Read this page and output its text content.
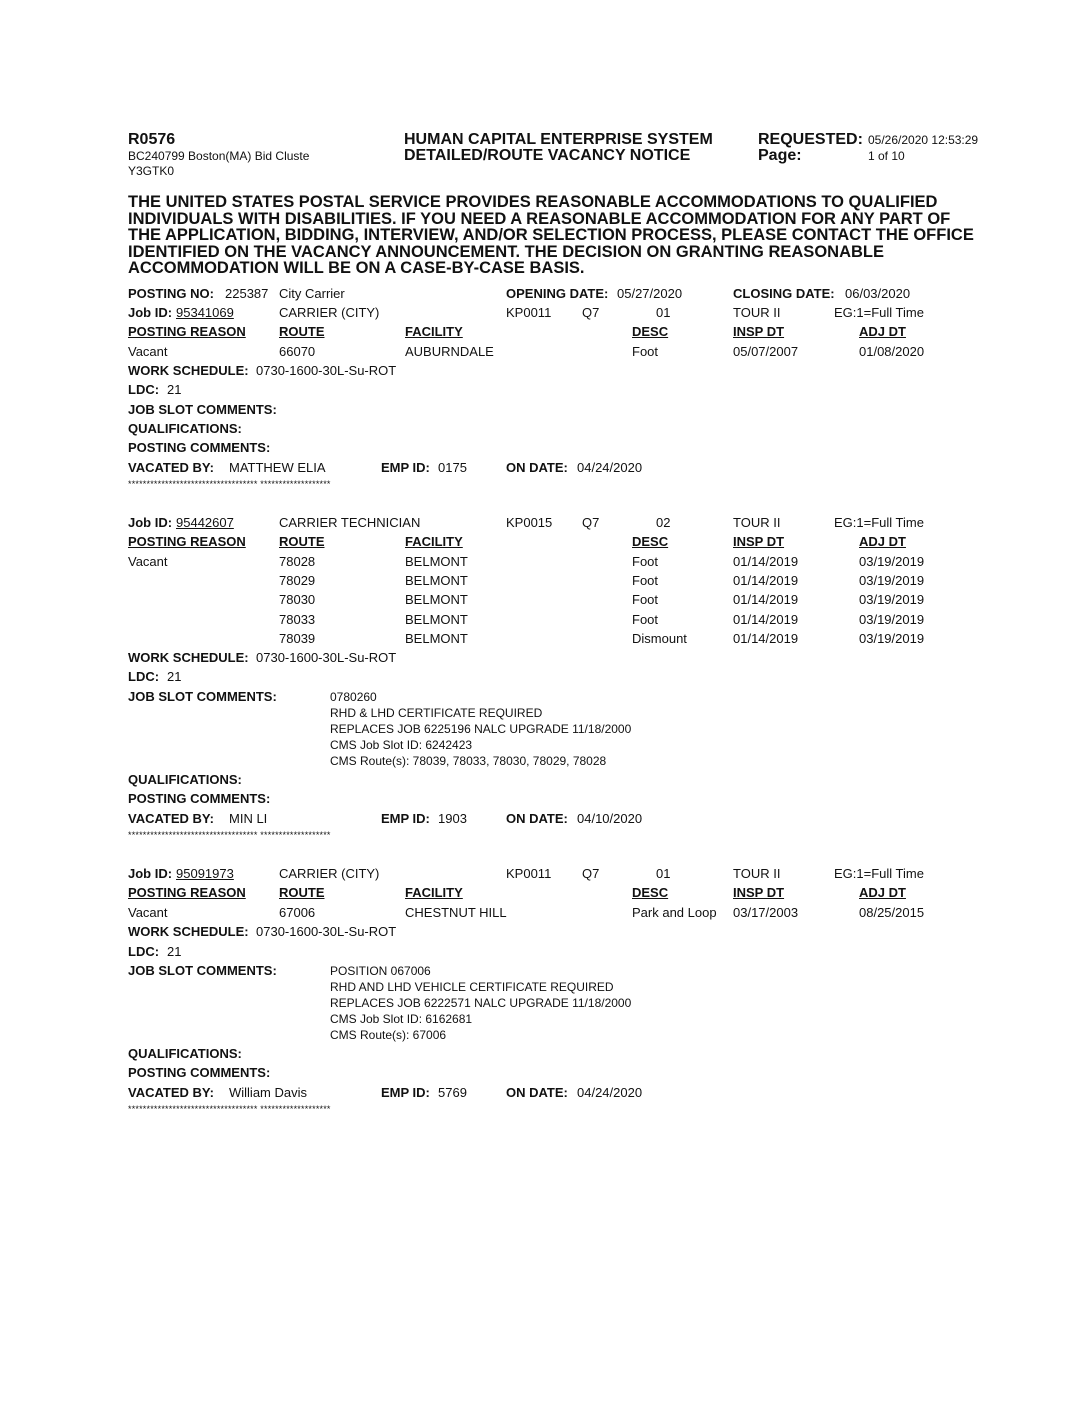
R0576
BC240799 Boston(MA) Bid Cluste
Y3GTK0
HUMAN CAPITAL ENTERPRISE SYSTEM
DETAILED/ROUTE VACANCY NOTICE
REQUESTED: 05/26/2020 12:53:29
Page:	1 of 10
THE UNITED STATES POSTAL SERVICE PROVIDES REASONABLE ACCOMMODATIONS TO QUALIFIED
INDIVIDUALS WITH DISABILITIES. IF YOU NEED A REASONABLE ACCOMMODATION FOR ANY PART OF
THE APPLICATION, BIDDING, INTERVIEW, AND/OR SELECTION PROCESS, PLEASE CONTACT THE OFFICE
IDENTIFIED ON THE VACANCY ANNOUNCEMENT. THE DECISION ON GRANTING REASONABLE
ACCOMMODATION WILL BE ON A CASE-BY-CASE BASIS.
POSTING NO: 225387 City Carrier	OPENING DATE: 05/27/2020	CLOSING DATE: 06/03/2020
Job ID: 95341069	CARRIER (CITY)	KP0011 Q7	01	TOUR II	EG:1=Full Time
POSTING REASON	ROUTE	FACILITY	DESC	INSP DT	ADJ DT
Vacant	66070	AUBURNDALE	Foot	05/07/2007	01/08/2020
WORK SCHEDULE: 0730-1600-30L-Su-ROT
LDC: 21
JOB SLOT COMMENTS:
QUALIFICATIONS:
POSTING COMMENTS:
VACATED BY: MATTHEW ELIA	EMP ID: 0175	ON DATE: 04/24/2020
*********************************** *******************
Job ID: 95442607	CARRIER TECHNICIAN	KP0015 Q7	02	TOUR II	EG:1=Full Time
POSTING REASON	ROUTE	FACILITY	DESC	INSP DT	ADJ DT
Vacant	78028	BELMONT	Foot	01/14/2019	03/19/2019
78029	BELMONT	Foot	01/14/2019	03/19/2019
78030	BELMONT	Foot	01/14/2019	03/19/2019
78033	BELMONT	Foot	01/14/2019	03/19/2019
78039	BELMONT	Dismount	01/14/2019	03/19/2019
WORK SCHEDULE: 0730-1600-30L-Su-ROT
LDC: 21
JOB SLOT COMMENTS:	0780260
RHD & LHD CERTIFICATE REQUIRED
REPLACES JOB 6225196 NALC UPGRADE 11/18/2000
CMS Job Slot ID: 6242423
CMS Route(s): 78039, 78033, 78030, 78029, 78028
QUALIFICATIONS:
POSTING COMMENTS:
VACATED BY: MIN LI	EMP ID: 1903	ON DATE: 04/10/2020
*********************************** *******************
Job ID: 95091973	CARRIER (CITY)	KP0011 Q7	01	TOUR II	EG:1=Full Time
POSTING REASON	ROUTE	FACILITY	DESC	INSP DT	ADJ DT
Vacant	67006	CHESTNUT HILL	Park and Loop 03/17/2003	08/25/2015
WORK SCHEDULE: 0730-1600-30L-Su-ROT
LDC: 21
JOB SLOT COMMENTS:	POSITION 067006
RHD AND LHD VEHICLE CERTIFICATE REQUIRED
REPLACES JOB 6222571 NALC UPGRADE 11/18/2000
CMS Job Slot ID: 6162681
CMS Route(s): 67006
QUALIFICATIONS:
POSTING COMMENTS:
VACATED BY: William Davis	EMP ID: 5769	ON DATE: 04/24/2020
*********************************** *******************
